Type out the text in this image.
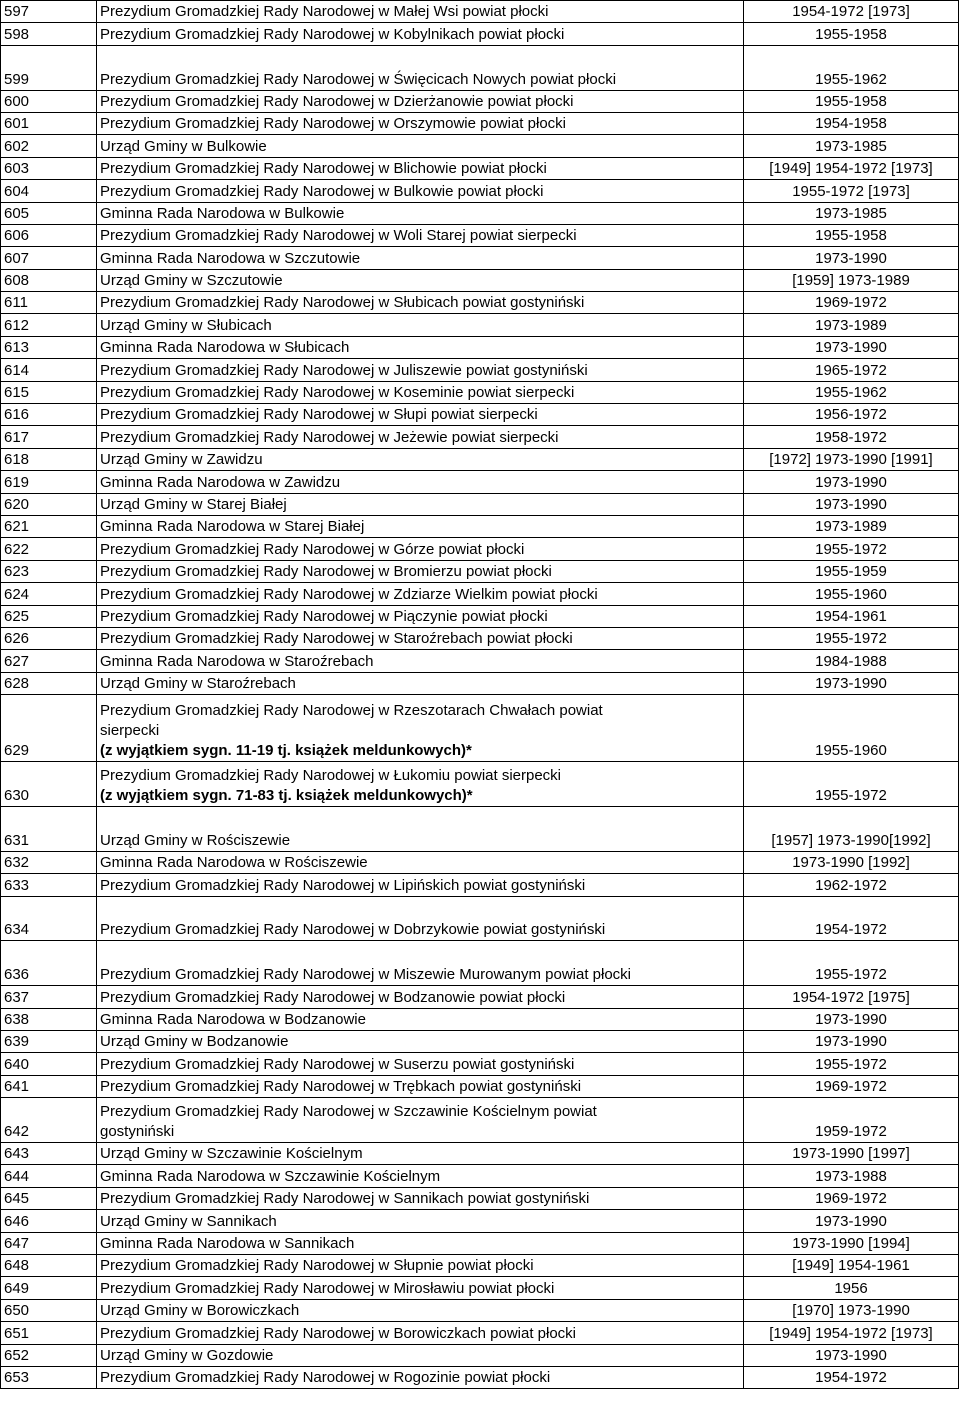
597	Prezydium Gromadzkiej Rady Narodowej w Małej Wsi powiat płocki	1954-1972 [1973]
598	Prezydium Gromadzkiej Rady Narodowej w Kobylnikach powiat płocki	1955-1958
599	Prezydium Gromadzkiej Rady Narodowej w Święcicach Nowych powiat płocki	1955-1962
600	Prezydium Gromadzkiej Rady Narodowej w Dzierżanowie powiat płocki	1955-1958
601	Prezydium Gromadzkiej Rady Narodowej w Orszymowie powiat płocki	1954-1958
602	Urząd Gminy w Bulkowie	1973-1985
603	Prezydium Gromadzkiej Rady Narodowej w Blichowie powiat płocki	[1949] 1954-1972 [1973]
604	Prezydium Gromadzkiej Rady Narodowej w Bulkowie powiat płocki	1955-1972 [1973]
605	Gminna Rada Narodowa w Bulkowie	1973-1985
606	Prezydium Gromadzkiej Rady Narodowej w Woli Starej powiat sierpecki	1955-1958
607	Gminna Rada Narodowa w Szczutowie	1973-1990
608	Urząd Gminy w Szczutowie	[1959] 1973-1989
611	Prezydium Gromadzkiej Rady Narodowej w Słubicach powiat gostyniński	1969-1972
612	Urząd Gminy w Słubicach	1973-1989
613	Gminna Rada Narodowa w Słubicach	1973-1990
614	Prezydium Gromadzkiej Rady Narodowej w Juliszewie powiat gostyniński	1965-1972
615	Prezydium Gromadzkiej Rady Narodowej w Koseminie powiat sierpecki	1955-1962
616	Prezydium Gromadzkiej Rady Narodowej w Słupi powiat sierpecki	1956-1972
617	Prezydium Gromadzkiej Rady Narodowej w Jeżewie powiat sierpecki	1958-1972
618	Urząd Gminy w Zawidzu	[1972] 1973-1990 [1991]
619	Gminna Rada Narodowa w Zawidzu	1973-1990
620	Urząd Gminy w Starej Białej	1973-1990
621	Gminna Rada Narodowa w Starej Białej	1973-1989
622	Prezydium Gromadzkiej Rady Narodowej w Górze powiat płocki	1955-1972
623	Prezydium Gromadzkiej Rady Narodowej w Bromierzu powiat płocki	1955-1959
624	Prezydium Gromadzkiej Rady Narodowej w Zdziarze Wielkim powiat płocki	1955-1960
625	Prezydium Gromadzkiej Rady Narodowej w Piączynie powiat płocki	1954-1961
626	Prezydium Gromadzkiej Rady Narodowej w Staroźrebach powiat płocki	1955-1972
627	Gminna Rada Narodowa w Staroźrebach	1984-1988
628	Urząd Gminy w Staroźrebach	1973-1990
629	Prezydium Gromadzkiej Rady Narodowej w Rzeszotarach Chwałach powiat
sierpecki
(z wyjątkiem sygn. 11-19 tj. książek meldunkowych)*	1955-1960
630	Prezydium Gromadzkiej Rady Narodowej w Łukomiu powiat sierpecki
(z wyjątkiem sygn. 71-83 tj. książek meldunkowych)*	1955-1972
631	Urząd Gminy w Rościszewie	[1957] 1973-1990[1992]
632	Gminna Rada Narodowa w Rościszewie	1973-1990 [1992]
633	Prezydium Gromadzkiej Rady Narodowej w Lipińskich powiat gostyniński	1962-1972
634	Prezydium Gromadzkiej Rady Narodowej w Dobrzykowie powiat gostyniński	1954-1972
636	Prezydium Gromadzkiej Rady Narodowej w Miszewie Murowanym powiat płocki	1955-1972
637	Prezydium Gromadzkiej Rady Narodowej w Bodzanowie powiat płocki	1954-1972 [1975]
638	Gminna Rada Narodowa w Bodzanowie	1973-1990
639	Urząd Gminy w Bodzanowie	1973-1990
640	Prezydium Gromadzkiej Rady Narodowej w Suserzu powiat gostyniński	1955-1972
641	Prezydium Gromadzkiej Rady Narodowej w Trębkach powiat gostyniński	1969-1972
642	Prezydium Gromadzkiej Rady Narodowej w Szczawinie Kościelnym powiat
gostyniński	1959-1972
643	Urząd Gminy w Szczawinie Kościelnym	1973-1990 [1997]
644	Gminna Rada Narodowa w Szczawinie Kościelnym	1973-1988
645	Prezydium Gromadzkiej Rady Narodowej w Sannikach powiat gostyniński	1969-1972
646	Urząd Gminy w Sannikach	1973-1990
647	Gminna Rada Narodowa w Sannikach	1973-1990 [1994]
648	Prezydium Gromadzkiej Rady Narodowej w Słupnie powiat płocki	[1949] 1954-1961
649	Prezydium Gromadzkiej Rady Narodowej w Mirosławiu powiat płocki	1956
650	Urząd Gminy w Borowiczkach	[1970] 1973-1990
651	Prezydium Gromadzkiej Rady Narodowej w Borowiczkach powiat płocki	[1949] 1954-1972 [1973]
652	Urząd Gminy w Gozdowie	1973-1990
653	Prezydium Gromadzkiej Rady Narodowej w Rogozinie powiat płocki	1954-1972
